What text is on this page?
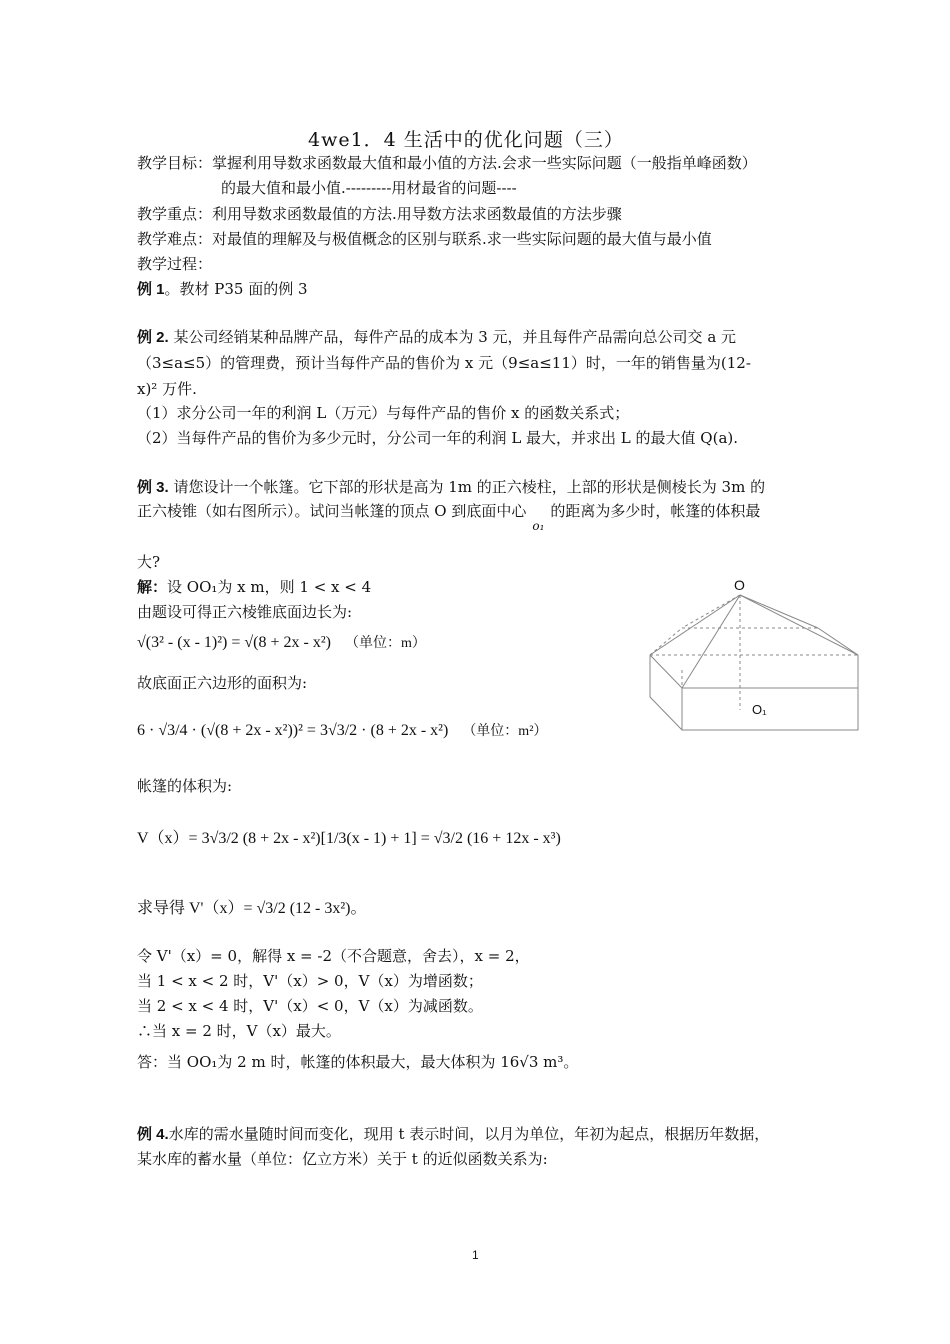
4we1．4 生活中的优化问题（三）
教学目标：掌握利用导数求函数最大值和最小值的方法.会求一些实际问题（一般指单峰函数）
的最大值和最小值.---------用材最省的问题----
教学重点：利用导数求函数最值的方法.用导数方法求函数最值的方法步骤
教学难点：对最值的理解及与极值概念的区别与联系.求一些实际问题的最大值与最小值
教学过程：
例 1。教材 P35 面的例 3
例 2. 某公司经销某种品牌产品，每件产品的成本为 3 元，并且每件产品需向总公司交 a 元
（3≤a≤5）的管理费，预计当每件产品的售价为 x 元（9≤a≤11）时，一年的销售量为(12-
x)² 万件.
（1）求分公司一年的利润 L（万元）与每件产品的售价 x 的函数关系式；
（2）当每件产品的售价为多少元时，分公司一年的利润 L 最大，并求出 L 的最大值 Q(a).
例 3. 请您设计一个帐篷。它下部的形状是高为 1m 的正六棱柱，上部的形状是侧棱长为 3m 的
正六棱锥（如右图所示）。试问当帐篷的顶点 O 到底面中心$_{o_1}$的距离为多少时，帐篷的体积最
大?
解：设 OO₁为 x m，则 1 < x < 4
由题设可得正六棱锥底面边长为:
√(3² - (x - 1)²) = √(8 + 2x - x²) （单位：m）
故底面正六边形的面积为:
6 · √3/4 · (√(8 + 2x - x²))² = 3√3/2 · (8 + 2x - x²) （单位：m²）
帐篷的体积为:
V（x）= 3√3/2 (8 + 2x - x²)[1/3(x - 1) + 1] = √3/2 (16 + 12x - x³)
求导得 V'（x）= √3/2 (12 - 3x²)。
令 V'（x）= 0，解得 x = -2（不合题意，舍去），x = 2，
当 1 < x < 2 时，V'（x）> 0，V（x）为增函数；
当 2 < x < 4 时，V'（x）< 0，V（x）为减函数。
∴当 x = 2 时，V（x）最大。
答：当 OO₁为 2 m 时，帐篷的体积最大，最大体积为 16√3 m³。
O
O₁
例 4.水库的需水量随时间而变化，现用 t 表示时间，以月为单位，年初为起点，根据历年数据，
某水库的蓄水量（单位：亿立方米）关于 t 的近似函数关系为:
1
